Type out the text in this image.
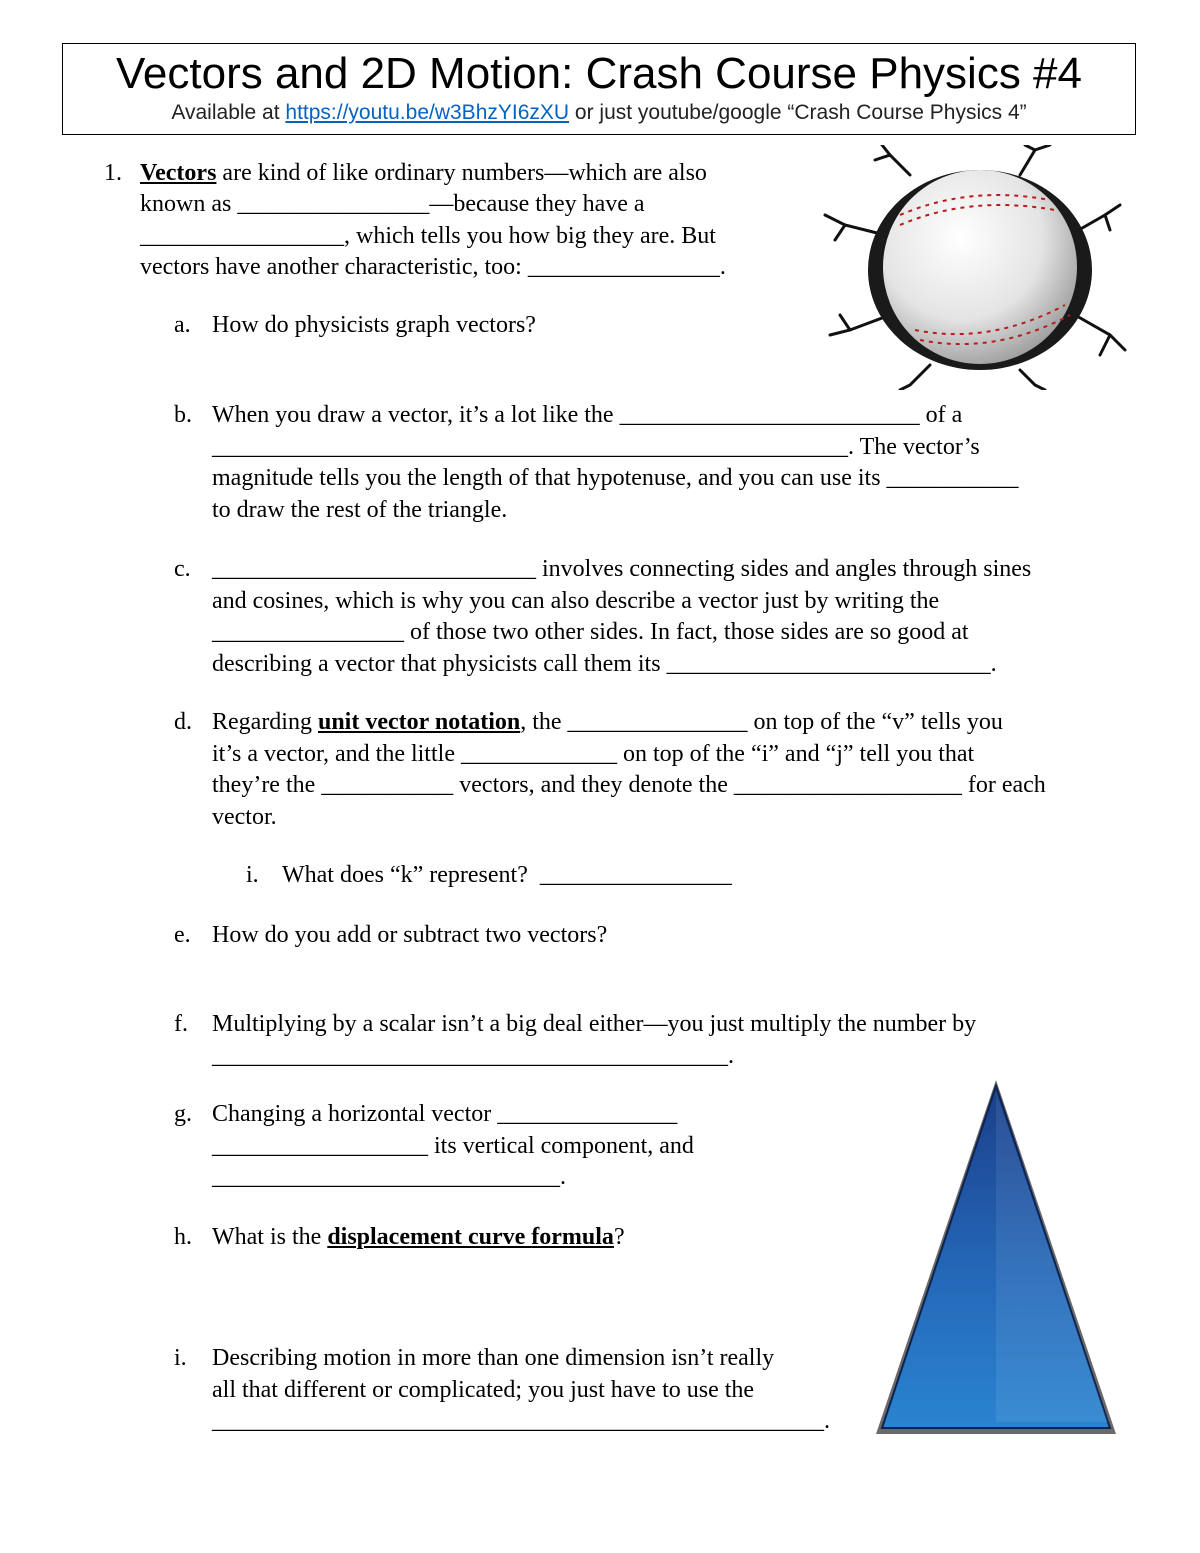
Vectors and 2D Motion: Crash Course Physics #4
Available at https://youtu.be/w3BhzYI6zXU or just youtube/google “Crash Course Physics 4”
1. Vectors are kind of like ordinary numbers—which are also
known as ________________—because they have a
_________________, which tells you how big they are. But
vectors have another characteristic, too: ________________.
a. How do physicists graph vectors?
b. When you draw a vector, it’s a lot like the _________________________ of a
_____________________________________________________. The vector’s
magnitude tells you the length of that hypotenuse, and you can use its ___________
to draw the rest of the triangle.
c. ___________________________ involves connecting sides and angles through sines
and cosines, which is why you can also describe a vector just by writing the
________________ of those two other sides. In fact, those sides are so good at
describing a vector that physicists call them its ___________________________.
d. Regarding unit vector notation, the _______________ on top of the “v” tells you
it’s a vector, and the little _____________ on top of the “i” and “j” tell you that
they’re the ___________ vectors, and they denote the ___________________ for each
vector.
i. What does “k” represent?  ________________
e. How do you add or subtract two vectors?
f. Multiplying by a scalar isn’t a big deal either—you just multiply the number by
___________________________________________.
g. Changing a horizontal vector _______________
__________________ its vertical component, and
_____________________________.
h. What is the displacement curve formula?
i. Describing motion in more than one dimension isn’t really
all that different or complicated; you just have to use the
___________________________________________________.
